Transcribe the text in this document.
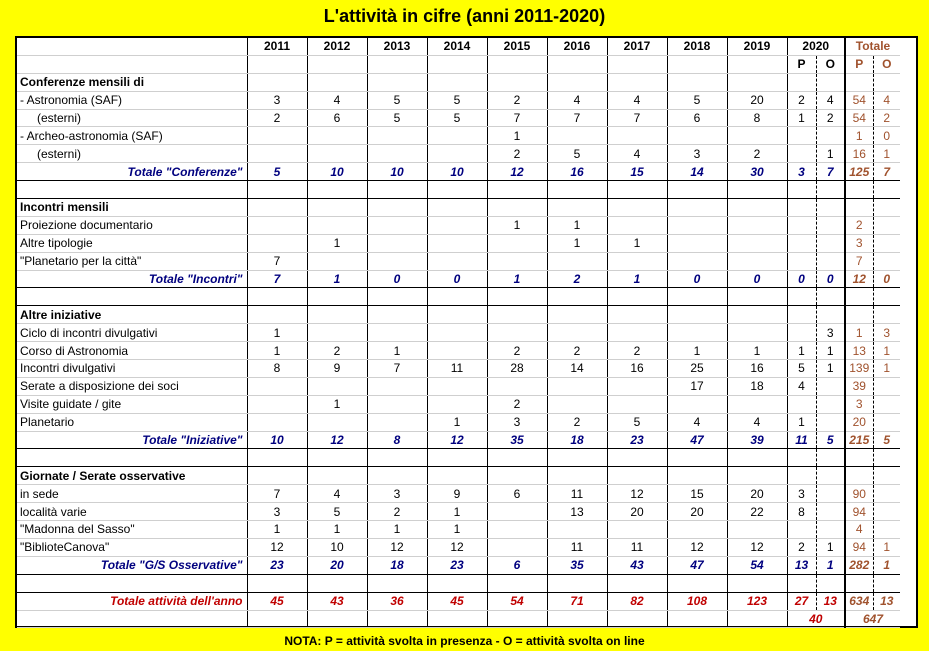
L'attività in cifre (anni 2011-2020)
	2011	2012	2013	2014	2015	2016	2017	2018	2019	2020		Totale	
										P	O	P	O
Conferenze mensili di													
- Astronomia (SAF)	3	4	5	5	2	4	4	5	20	2	4	54	4
(esterni)	2	6	5	5	7	7	7	6	8	1	2	54	2
- Archeo-astronomia (SAF)					1							1	0
(esterni)					2	5	4	3	2		1	16	1
Totale "Conferenze"	5	10	10	10	12	16	15	14	30	3	7	125	7

Incontri mensili													
Proiezione documentario					1	1						2	
Altre tipologie		1				1	1					3	
"Planetario per la città"	7											7	
Totale "Incontri"	7	1	0	0	1	2	1	0	0	0	0	12	0

Altre iniziative													
Ciclo di incontri divulgativi	1										3	1	3
Corso di Astronomia	1	2	1		2	2	2	1	1	1	1	13	1
Incontri divulgativi	8	9	7	11	28	14	16	25	16	5	1	139	1
Serate a disposizione dei soci								17	18	4		39	
Visite guidate / gite		1			2							3	
Planetario				1	3	2	5	4	4	1		20	
Totale "Iniziative"	10	12	8	12	35	18	23	47	39	11	5	215	5

Giornate / Serate osservative													
in sede	7	4	3	9	6	11	12	15	20	3		90	
località varie	3	5	2	1		13	20	20	22	8		94	
"Madonna del Sasso"	1	1	1	1								4	
"BiblioteCanova"	12	10	12	12		11	11	12	12	2	1	94	1
Totale "G/S Osservative"	23	20	18	23	6	35	43	47	54	13	1	282	1

Totale attività dell'anno	45	43	36	45	54	71	82	108	123	27	13	634	13
										40		647	
NOTA: P = attività svolta in presenza - O = attività svolta on line
